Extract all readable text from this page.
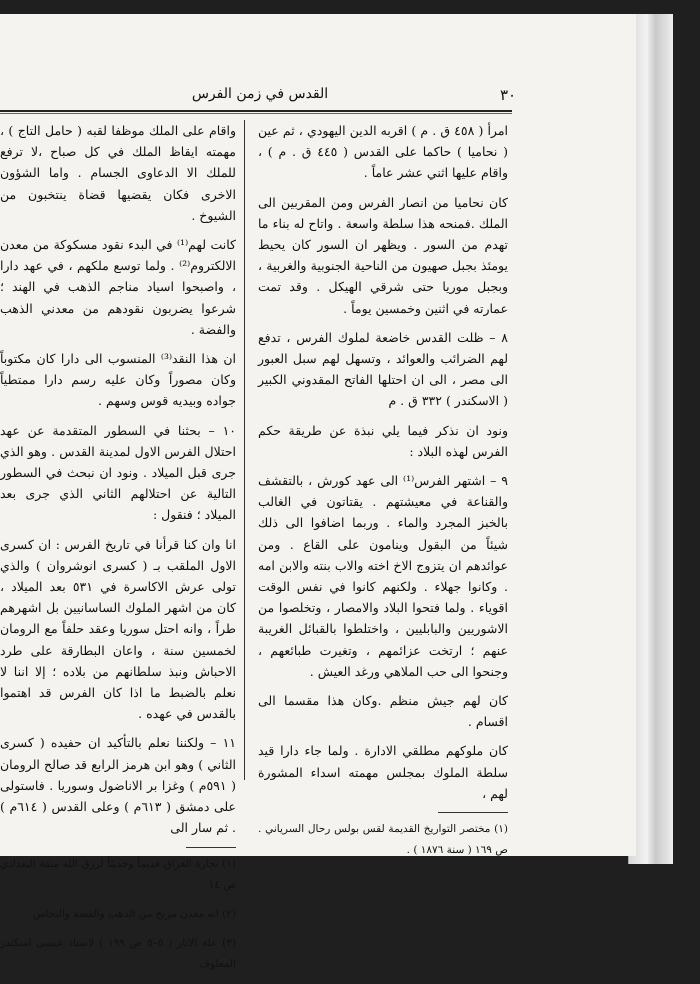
٣٠
القدس في زمن الفرس

امرأ ( ٤٥٨ ق . م ) اقربه الدين اليهودي ، ثم عين ( نحاميا ) حاكما على القدس ( ٤٤٥ ق . م ) ، واقام عليها اثني عشر عاماً .

كان نحاميا من انصار الفرس ومن المقربين الى الملك .فمنحه هذا سلطة واسعة . واتاح له بناء ما تهدم من السور . ويظهر ان السور كان يحيط يومئذ بجبل صهيون من الناحية الجنوبية والغربية ، وبجبل موريا حتى شرقي الهيكل . وقد تمت عمارته في اثنين وخمسين يوماً .

٨ – ظلت القدس خاضعة لملوك الفرس ، تدفع لهم الضرائب والعوائد ، وتسهل لهم سبل العبور الى مصر ، الى ان احتلها الفاتح المقدوني الكبير ( الاسكندر ) ٣٣٢ ق . م

ونود ان نذكر فيما يلي نبذة عن طريقة حكم الفرس لهذه البلاد :

٩ – اشتهر الفرس⁽¹⁾ الى عهد كورش ، بالتقشف والقناعة في معيشتهم . يقتاتون في الغالب بالخبز المجرد والماء . وربما اضافوا الى ذلك شيئاً من البقول وينامون على القاع . ومن عوائدهم ان يتزوج الاخ اخته والاب بنته والابن امه . وكانوا جهلاء . ولكنهم كانوا في نفس الوقت اقوياء . ولما فتحوا البلاد والامصار ، وتخلصوا من الاشوريين والبابليين ، واختلطوا بالقبائل الغريبة عنهم ؛ ارتخت عزائمهم ، وتغيرت طبائعهم ، وجنحوا الى حب الملاهي ورغد العيش .

كان لهم جيش منظم .وكان هذا مقسما الى اقسام .

كان ملوكهم مطلقي الادارة . ولما جاء دارا قيد سلطة الملوك بمجلس مهمته اسداء المشورة لهم ،

(١) مختصر التواريخ القديمة لقس بولس رحال السرياني . ص ١٦٩ ( سنة ١٨٧٦ ) .

واقام على الملك موظفا لقبه ( حامل التاج ) ، مهمته ايقاظ الملك في كل صباح ،لا ترفع للملك الا الدعاوى الجسام . واما الشؤون الاخرى فكان يقضيها قضاة ينتخبون من الشيوخ .

كانت لهم⁽¹⁾ في البدء نقود مسكوكة من معدن الالكتروم⁽²⁾ . ولما توسع ملكهم ، في عهد دارا ، واصبحوا اسياد مناجم الذهب في الهند ؛ شرعوا يضربون نقودهم من معدني الذهب والفضة .

ان هذا النقد⁽³⁾ المنسوب الى دارا كان مكتوباً وكان مصوراً وكان عليه رسم دارا ممتطياً جواده وبيديه قوس وسهم .

١٠ – بحثنا في السطور المتقدمة عن عهد احتلال الفرس الاول لمدينة القدس . وهو الذي جرى قبل الميلاد . ونود ان نبحث في السطور التالية عن احتلالهم الثاني الذي جرى بعد الميلاد ؛ فنقول :

انا وان كنا قرأنا في تاريخ الفرس : ان كسرى الاول الملقب بـ ( كسرى انوشروان ) والذي تولى عرش الاكاسرة في ٥٣١ بعد الميلاد ، كان من اشهر الملوك الساسانيين بل اشهرهم طراً ، وانه احتل سوريا وعقد حلفاً مع الرومان لخمسين سنة ، واعان البطارقة على طرد الاحباش ونبذ سلطانهم من بلاده ؛ إلا اننا لا نعلم بالضبط ما اذا كان الفرس قد اهتموا بالقدس في عهده .

١١ – ولكننا نعلم بالتأكيد ان حفيده ( كسرى الثاني ) وهو ابن هرمز الرابع قد صالح الرومان ( ٥٩١م ) وغزا بر الاناضول وسوريا . فاستولى على دمشق ( ٦١٣م ) وعلى القدس ( ٦١٤م ) . ثم سار الى

(١) تجارة العراق قديماً وحديثاً لرزق الله منقة البغدادي ص ١٤

(٢) انه معدن مزيج من الذهب والفضة والنحاس

(٣) علة الاثار ( ٥–٥ ص ١٩٩ ) لاستاذ عيسى اسكندر المعلوف
